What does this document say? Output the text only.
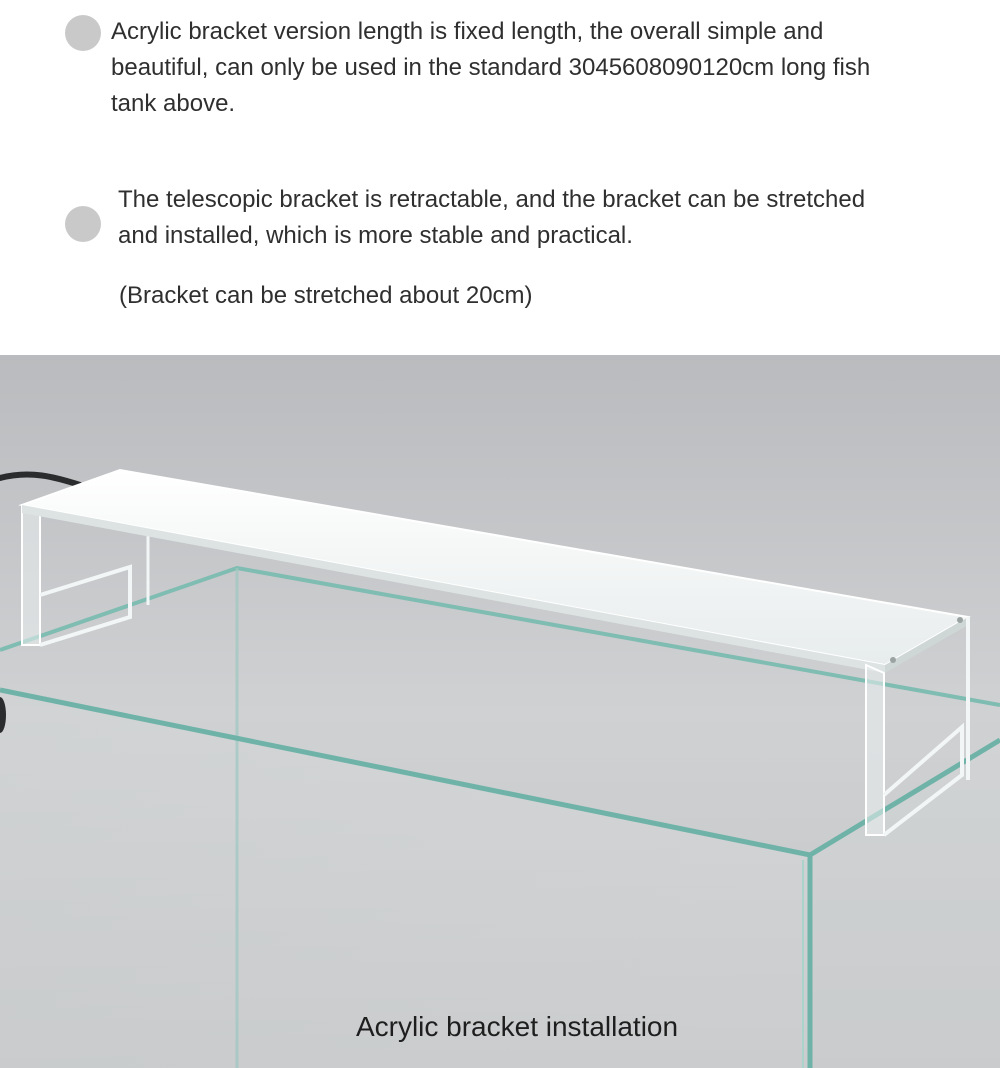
Acrylic bracket version length is fixed length, the overall simple and
beautiful, can only be used in the standard 3045608090120cm long fish
tank above.

The telescopic bracket is retractable, and the bracket can be stretched
and installed, which is more stable and practical.

(Bracket can be stretched about 20cm)

Acrylic bracket installation
